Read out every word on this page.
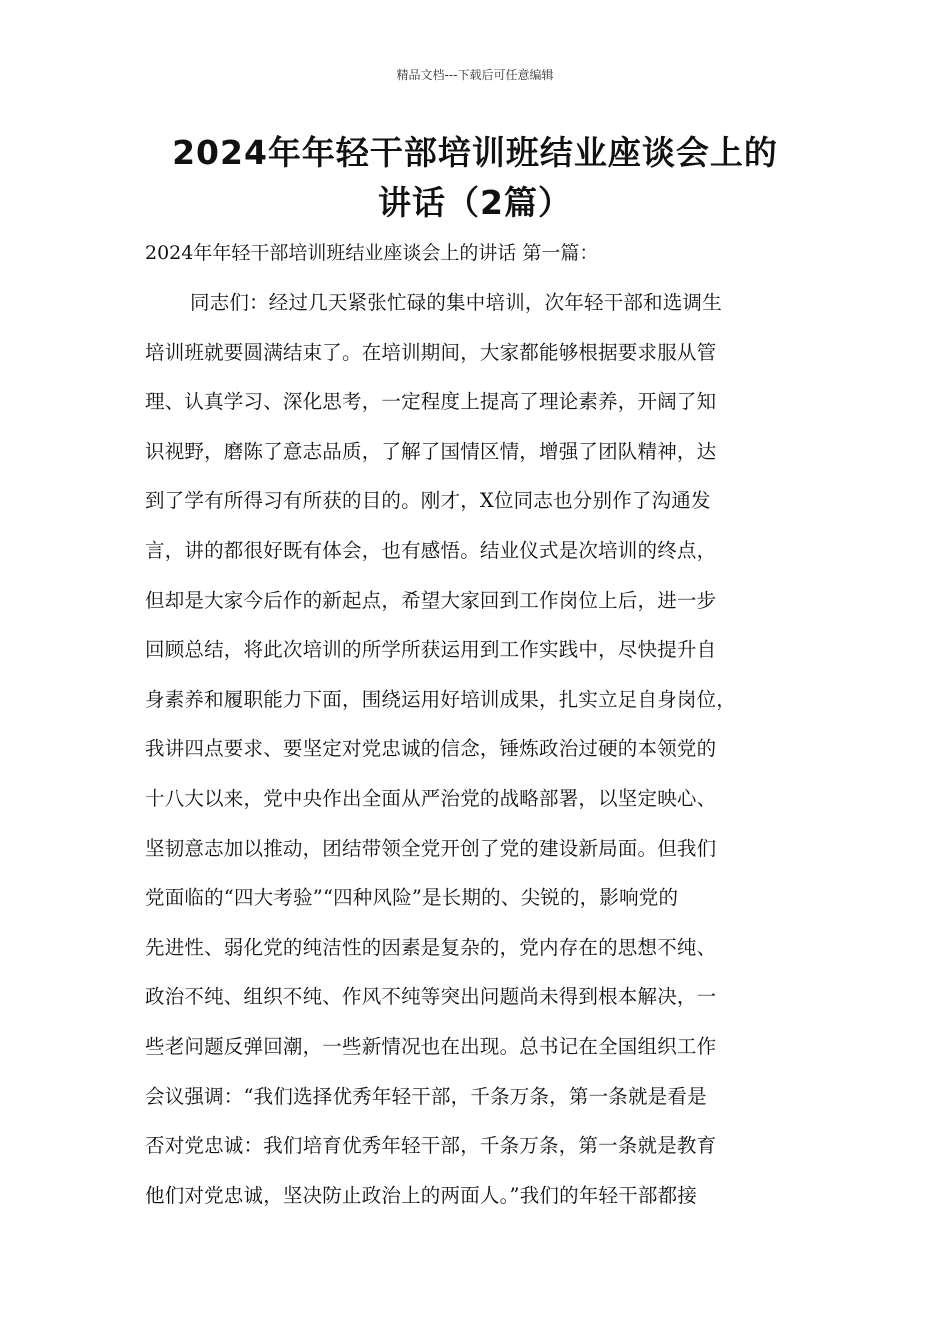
精品文档---下载后可任意编辑
2024年年轻干部培训班结业座谈会上的
讲话（2篇）
2024年年轻干部培训班结业座谈会上的讲话 第一篇：
同志们：经过几天紧张忙碌的集中培训，次年轻干部和选调生
培训班就要圆满结束了。在培训期间，大家都能够根据要求服从管
理、认真学习、深化思考，一定程度上提高了理论素养，开阔了知
识视野，磨陈了意志品质，了解了国情区情，增强了团队精神，达
到了学有所得习有所获的目的。刚才，X位同志也分别作了沟通发
言，讲的都很好既有体会，也有感悟。结业仪式是次培训的终点，
但却是大家今后作的新起点，希望大家回到工作岗位上后，进一步
回顾总结，将此次培训的所学所获运用到工作实践中，尽快提升自
身素养和履职能力下面，围绕运用好培训成果，扎实立足自身岗位，
我讲四点要求、要坚定对党忠诚的信念，锤炼政治过硬的本领党的
十八大以来，党中央作出全面从严治党的战略部署，以坚定映心、
坚韧意志加以推动，团结带领全党开创了党的建设新局面。但我们
党面临的“四大考验”“四种风险”是长期的、尖锐的，影响党的
先进性、弱化党的纯洁性的因素是复杂的，党内存在的思想不纯、
政治不纯、组织不纯、作风不纯等突出问题尚未得到根本解决，一
些老问题反弹回潮，一些新情况也在出现。总书记在全国组织工作
会议强调：“我们选择优秀年轻干部，千条万条，第一条就是看是
否对党忠诚：我们培育优秀年轻干部，千条万条，第一条就是教育
他们对党忠诚，坚决防止政治上的两面人。”我们的年轻干部都接
